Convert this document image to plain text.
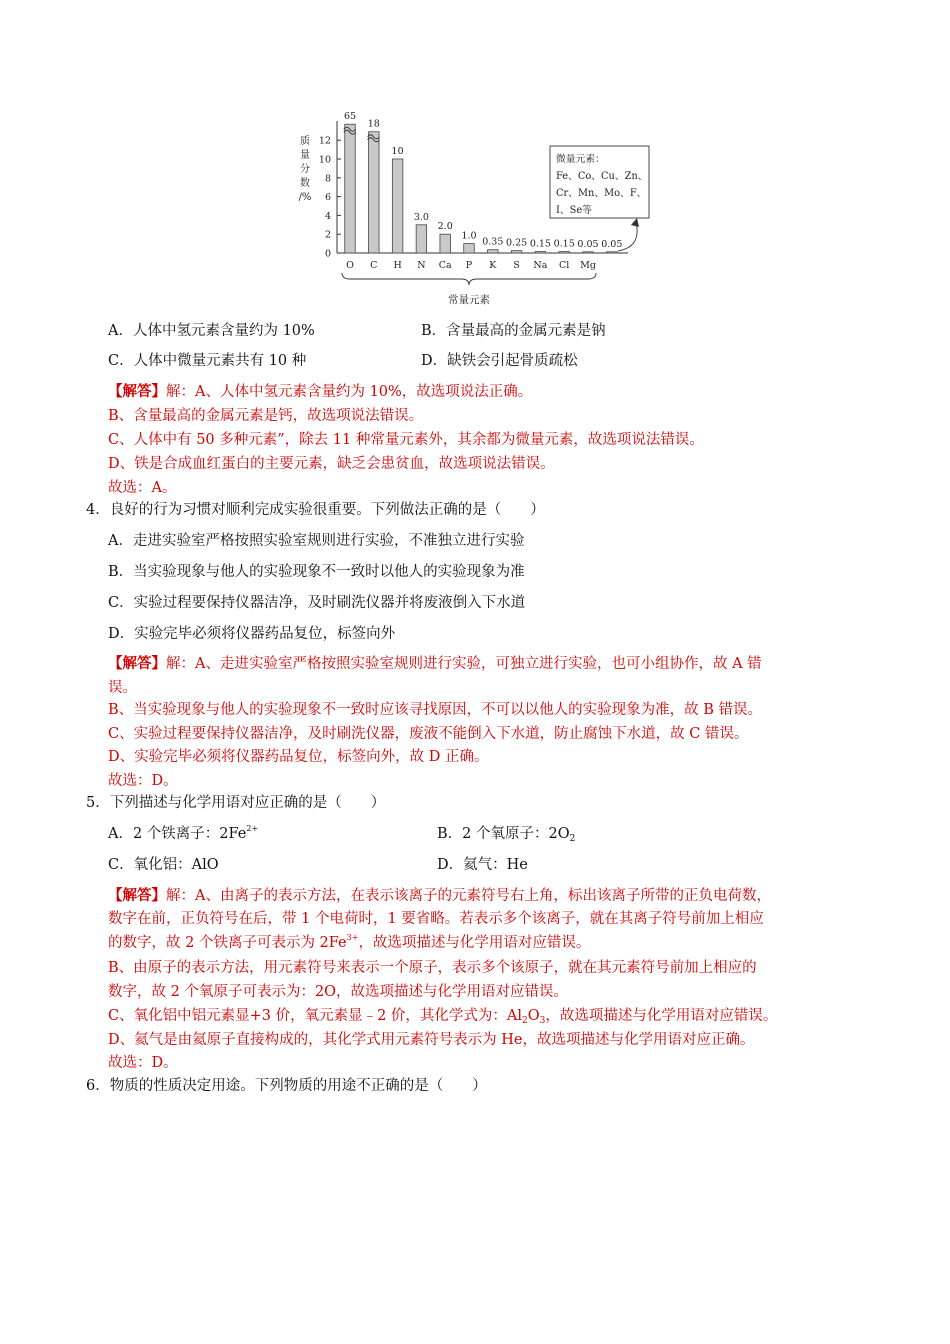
质
量
分
数
/%
0
2
4
6
8
10
12
O C H N Ca P K S Na Cl Mg
65
18
10
3.0
2.0
1.0
0.35 0.25 0.15 0.15 0.05 0.05
常量元素
微量元素：
Fe、Co、Cu、Zn、
Cr、Mn、Mo、F、
I、Se等
A．人体中氢元素含量约为 10%	B．含量最高的金属元素是钠
C．人体中微量元素共有 10 种	D．缺铁会引起骨质疏松
【解答】解：A、人体中氢元素含量约为 10%，故选项说法正确。
B、含量最高的金属元素是钙，故选项说法错误。
C、人体中有 50 多种元素”，除去 11 种常量元素外，其余都为微量元素，故选项说法错误。
D、铁是合成血红蛋白的主要元素，缺乏会患贫血，故选项说法错误。
故选：A。
4．良好的行为习惯对顺利完成实验很重要。下列做法正确的是（　　）
A．走进实验室严格按照实验室规则进行实验，不准独立进行实验
B．当实验现象与他人的实验现象不一致时以他人的实验现象为准
C．实验过程要保持仪器洁净，及时刷洗仪器并将废液倒入下水道
D．实验完毕必须将仪器药品复位，标签向外
【解答】解：A、走进实验室严格按照实验室规则进行实验，可独立进行实验，也可小组协作，故 A 错
误。
B、当实验现象与他人的实验现象不一致时应该寻找原因，不可以以他人的实验现象为准，故 B 错误。
C、实验过程要保持仪器洁净，及时刷洗仪器，废液不能倒入下水道，防止腐蚀下水道，故 C 错误。
D、实验完毕必须将仪器药品复位，标签向外，故 D 正确。
故选：D。
5．下列描述与化学用语对应正确的是（　　）
A．2 个铁离子：$2Fe^{2+}$	B．2 个氧原子：$2O_2$
C．氧化铝：AlO	D．氦气：He
【解答】解：A、由离子的表示方法，在表示该离子的元素符号右上角，标出该离子所带的正负电荷数，
数字在前，正负符号在后，带 1 个电荷时，1 要省略。若表示多个该离子，就在其离子符号前加上相应
的数字，故 2 个铁离子可表示为 $2Fe^{3+}$，故选项描述与化学用语对应错误。
B、由原子的表示方法，用元素符号来表示一个原子，表示多个该原子，就在其元素符号前加上相应的
数字，故 2 个氧原子可表示为：2O，故选项描述与化学用语对应错误。
C、氧化铝中铝元素显+3 价，氧元素显﹣2 价，其化学式为：$Al_2O_3$，故选项描述与化学用语对应错误。
D、氦气是由氦原子直接构成的，其化学式用元素符号表示为 He，故选项描述与化学用语对应正确。
故选：D。
6．物质的性质决定用途。下列物质的用途不正确的是（　　）
